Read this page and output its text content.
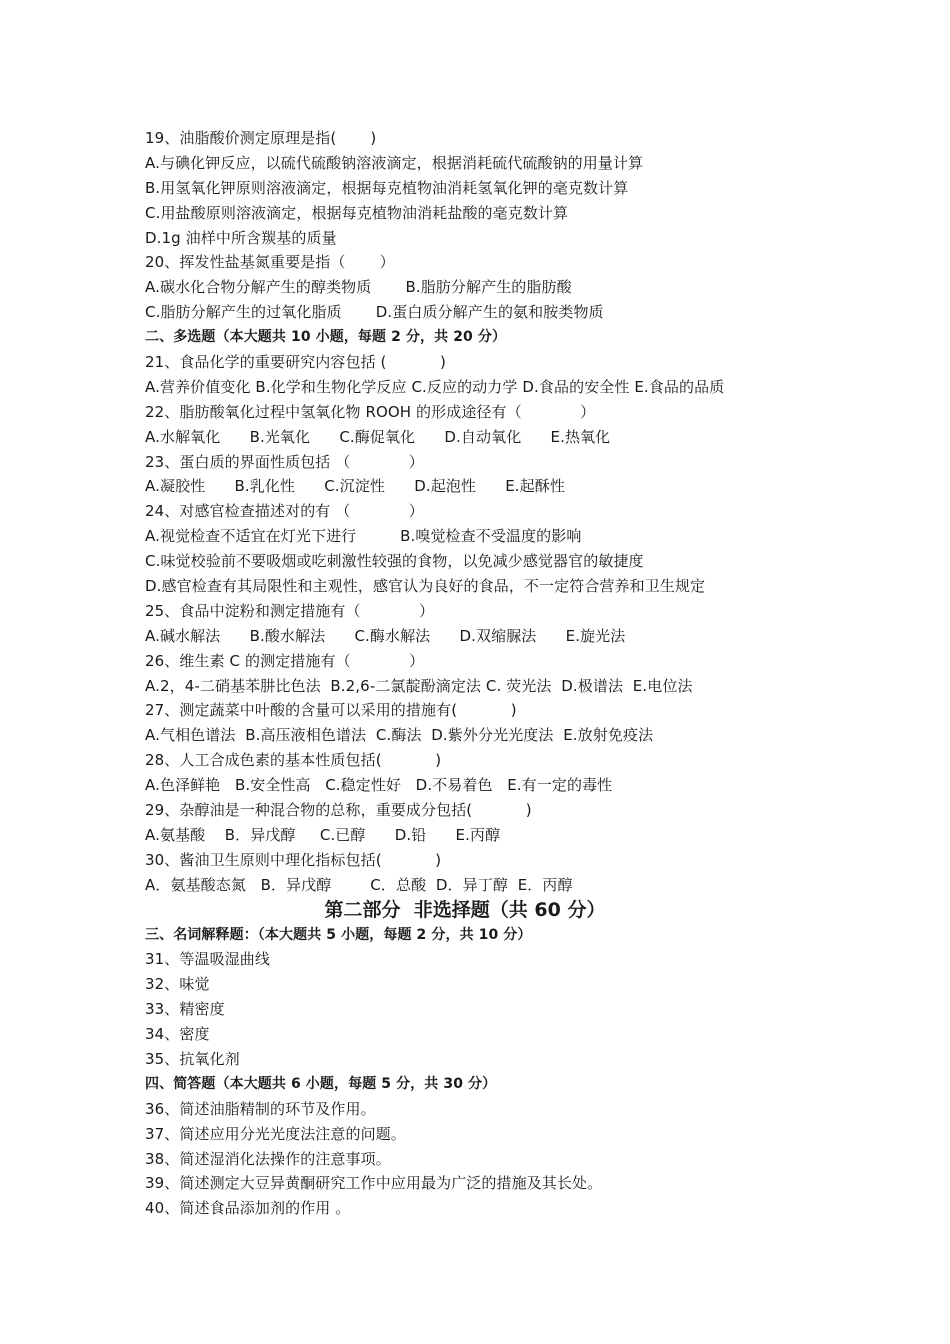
19、油脂酸价测定原理是指(       )
A.与碘化钾反应，以硫代硫酸钠溶液滴定，根据消耗硫代硫酸钠的用量计算
B.用氢氧化钾原则溶液滴定，根据每克植物油消耗氢氧化钾的毫克数计算
C.用盐酸原则溶液滴定，根据每克植物油消耗盐酸的毫克数计算
D.1g 油样中所含羰基的质量
20、挥发性盐基氮重要是指（       ）
A.碳水化合物分解产生的醇类物质       B.脂肪分解产生的脂肪酸
C.脂肪分解产生的过氧化脂质       D.蛋白质分解产生的氨和胺类物质
二、多选题（本大题共 10 小题，每题 2 分，共 20 分）
21、食品化学的重要研究内容包括 (           )
A.营养价值变化 B.化学和生物化学反应 C.反应的动力学 D.食品的安全性 E.食品的品质
22、脂肪酸氧化过程中氢氧化物 ROOH 的形成途径有（            ）
A.水解氧化      B.光氧化      C.酶促氧化      D.自动氧化      E.热氧化
23、蛋白质的界面性质包括 （            ）
A.凝胶性      B.乳化性      C.沉淀性      D.起泡性      E.起酥性
24、对感官检查描述对的有 （            ）
A.视觉检查不适宜在灯光下进行         B.嗅觉检查不受温度的影响
C.味觉校验前不要吸烟或吃刺激性较强的食物，以免减少感觉器官的敏捷度
D.感官检查有其局限性和主观性，感官认为良好的食品，不一定符合营养和卫生规定
25、食品中淀粉和测定措施有（            ）
A.碱水解法      B.酸水解法      C.酶水解法      D.双缩脲法      E.旋光法
26、维生素 C 的测定措施有（            ）
A.2，4-二硝基苯肼比色法  B.2,6-二氯靛酚滴定法 C. 荧光法  D.极谱法  E.电位法
27、测定蔬菜中叶酸的含量可以采用的措施有(           )
A.气相色谱法  B.高压液相色谱法  C.酶法  D.紫外分光光度法  E.放射免疫法
28、人工合成色素的基本性质包括(           )
A.色泽鲜艳   B.安全性高   C.稳定性好   D.不易着色   E.有一定的毒性
29、杂醇油是一种混合物的总称，重要成分包括(           )
A.氨基酸    B．异戊醇     C.已醇      D.铅      E.丙醇
30、酱油卫生原则中理化指标包括(           )
A．氨基酸态氮   B．异戊醇        C．总酸  D．异丁醇  E．丙醇
第二部分  非选择题（共 60 分）
三、名词解释题：（本大题共 5 小题，每题 2 分，共 10 分）
31、等温吸湿曲线
32、味觉
33、精密度
34、密度
35、抗氧化剂
四、简答题（本大题共 6 小题，每题 5 分，共 30 分）
36、简述油脂精制的环节及作用。
37、简述应用分光光度法注意的问题。
38、简述湿消化法操作的注意事项。
39、简述测定大豆异黄酮研究工作中应用最为广泛的措施及其长处。
40、简述食品添加剂的作用 。
